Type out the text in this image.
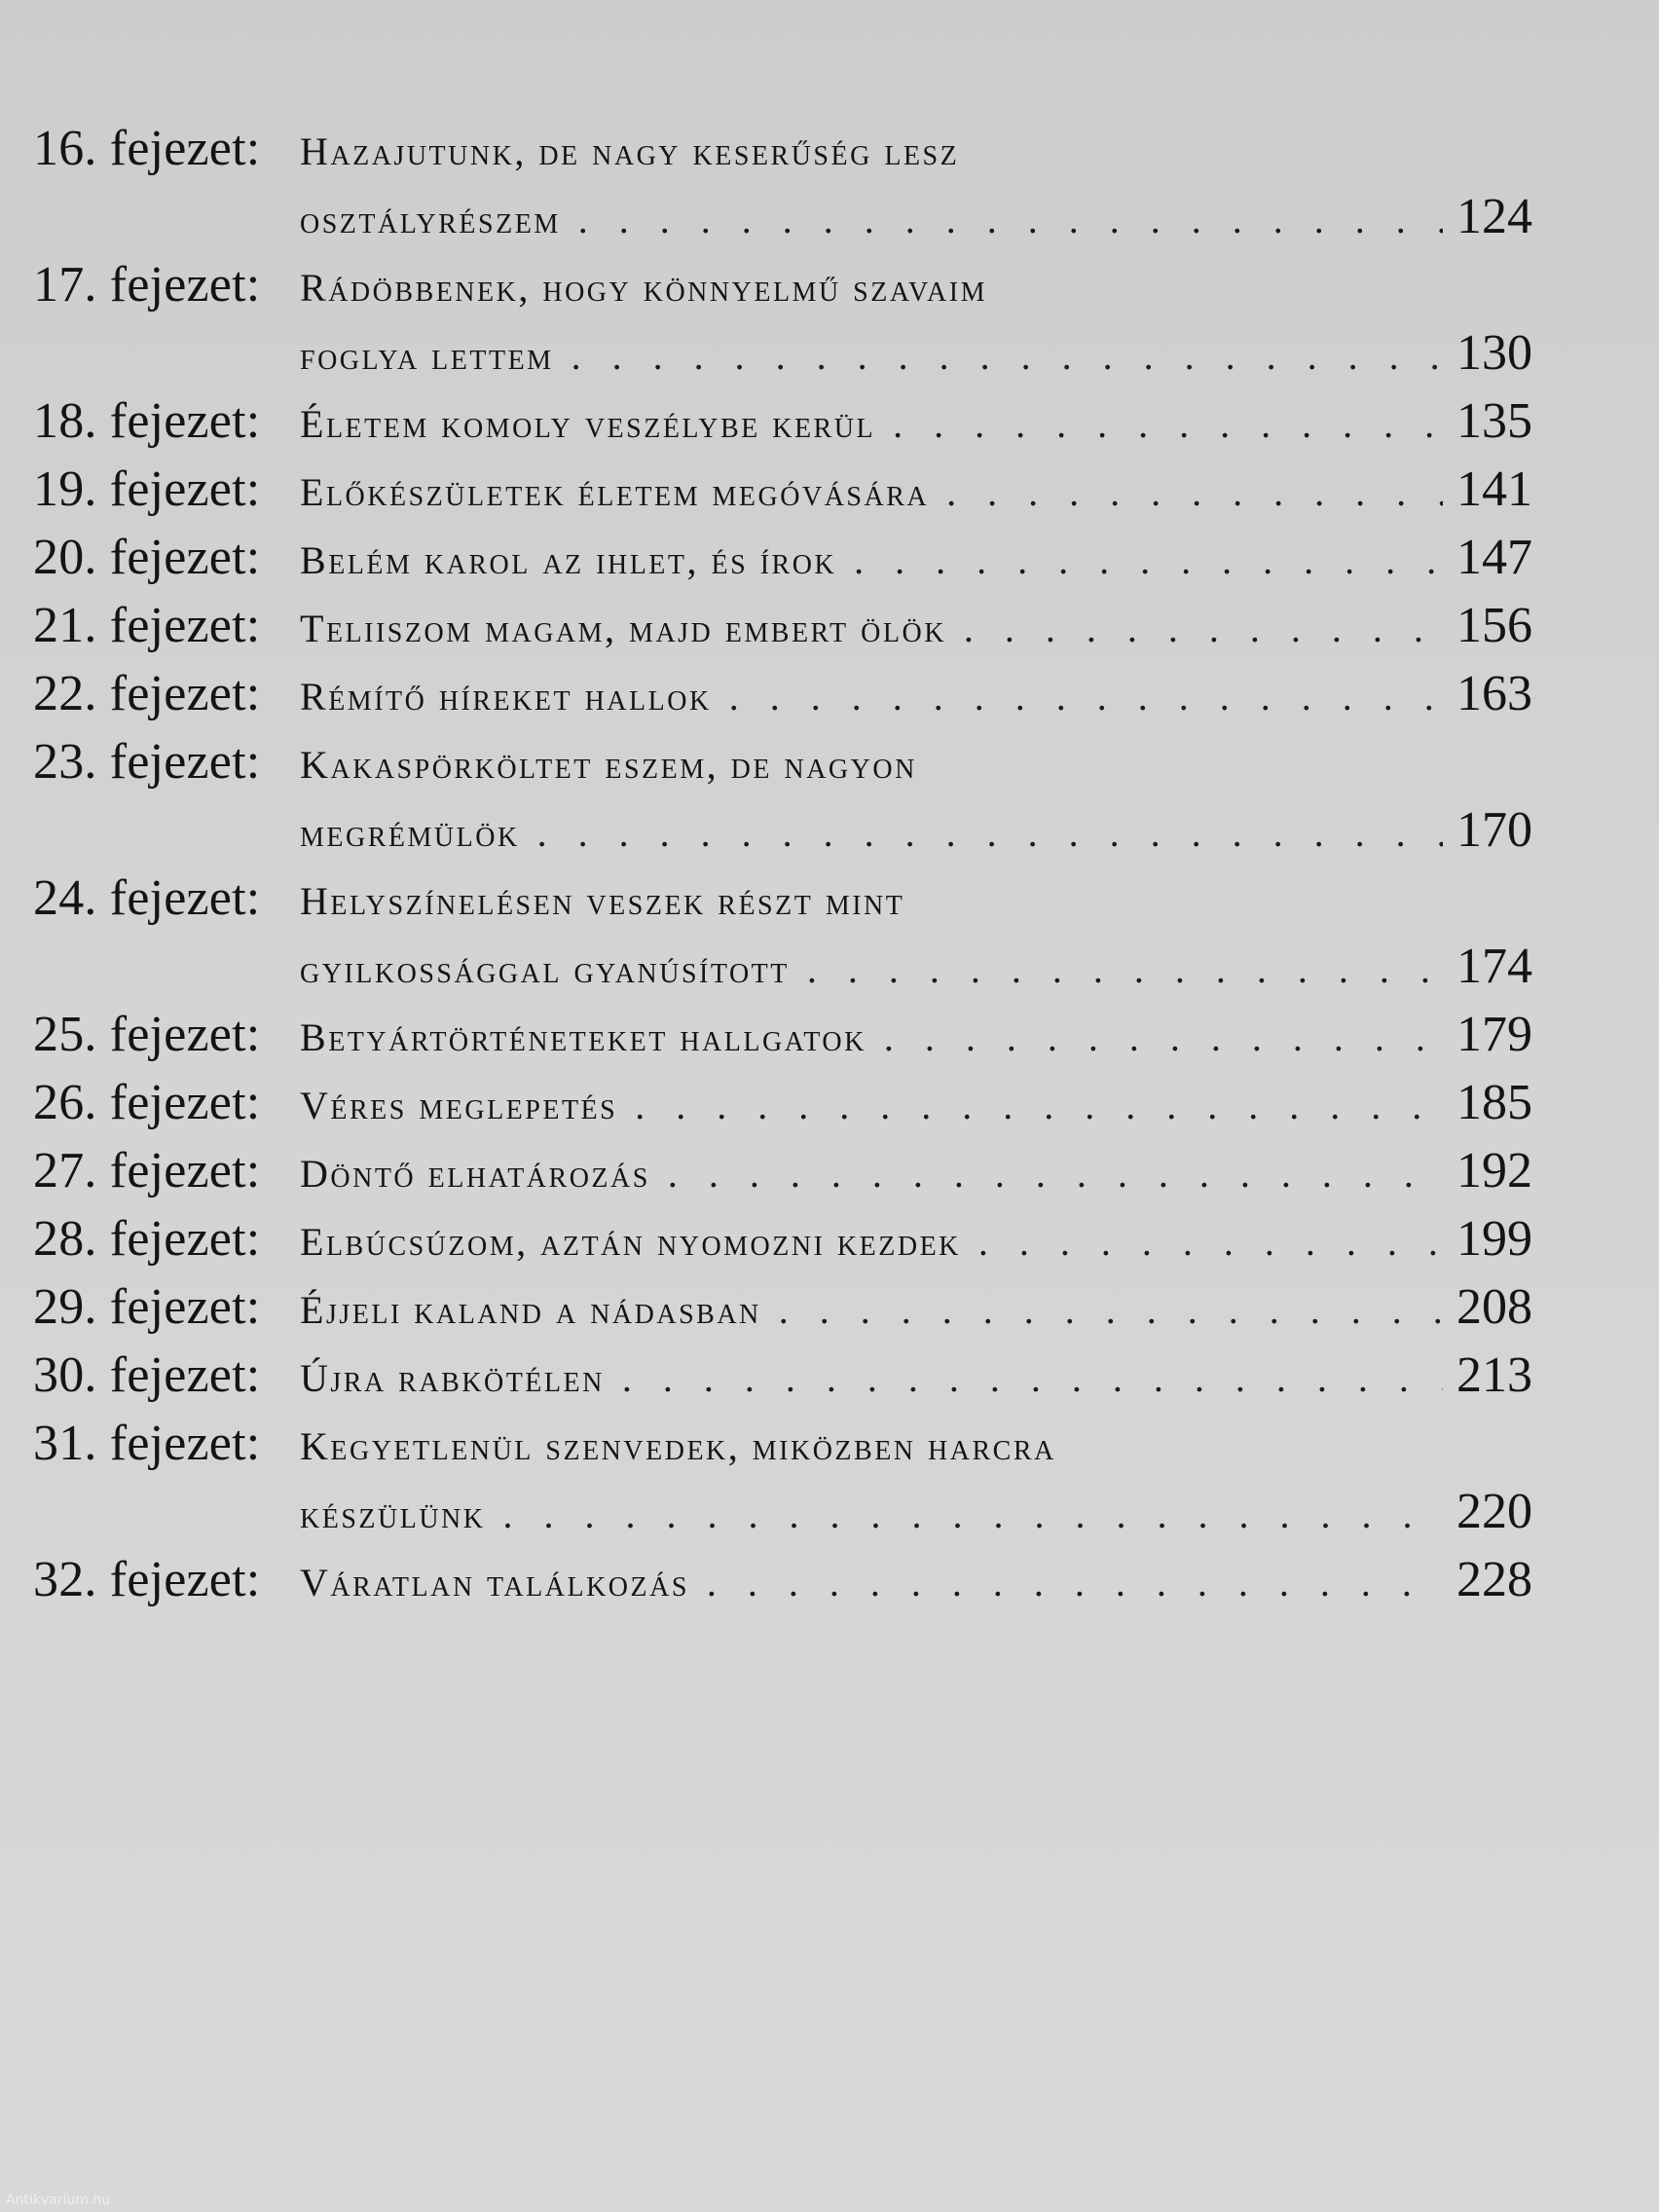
16. fejezet:	hazajutunk, de nagy keserűség lesz
osztályrészem . . .	124
17. fejezet:	rádöbbenek, hogy könnyelmű szavaim
foglya lettem . . .	130
18. fejezet:	életem komoly veszélybe kerül . . .	135
19. fejezet:	előkészületek életem megóvására . . .	141
20. fejezet:	belém karol az ihlet, és írok . . .	147
21. fejezet:	teliiszom magam, majd embert ölök . . .	156
22. fejezet:	rémítő híreket hallok . . .	163
23. fejezet:	kakaspörköltet eszem, de nagyon
megrémülök . . .	170
24. fejezet:	helyszínelésen veszek részt mint
gyilkossággal gyanúsított . . .	174
25. fejezet:	betyártörténeteket hallgatok . . .	179
26. fejezet:	véres meglepetés . . .	185
27. fejezet:	döntő elhatározás . . .	192
28. fejezet:	elbúcsúzom, aztán nyomozni kezdek . . .	199
29. fejezet:	éjjeli kaland a nádasban . . .	208
30. fejezet:	újra rabkötélen . . .	213
31. fejezet:	kegyetlenül szenvedek, miközben harcra
készülünk . . .	220
32. fejezet:	váratlan találkozás . . .	228
Antikvarium.hu
